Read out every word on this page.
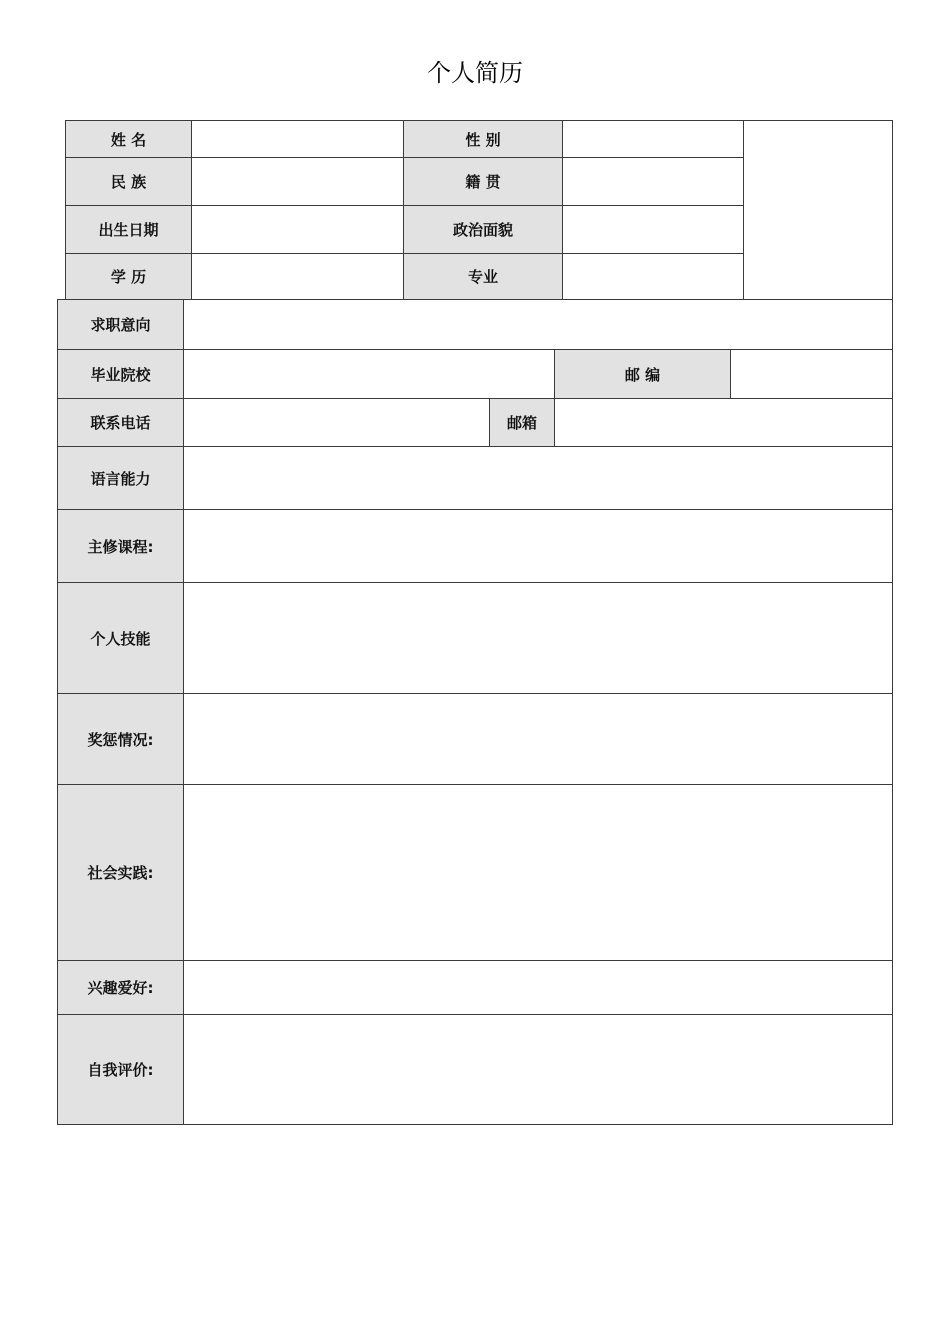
个人简历
姓 名	性 别
民 族	籍 贯
出生日期	政治面貌
学 历	专业
求职意向
毕业院校	邮 编
联系电话	邮箱
语言能力
主修课程:
个人技能
奖惩情况:
社会实践:
兴趣爱好:
自我评价:
